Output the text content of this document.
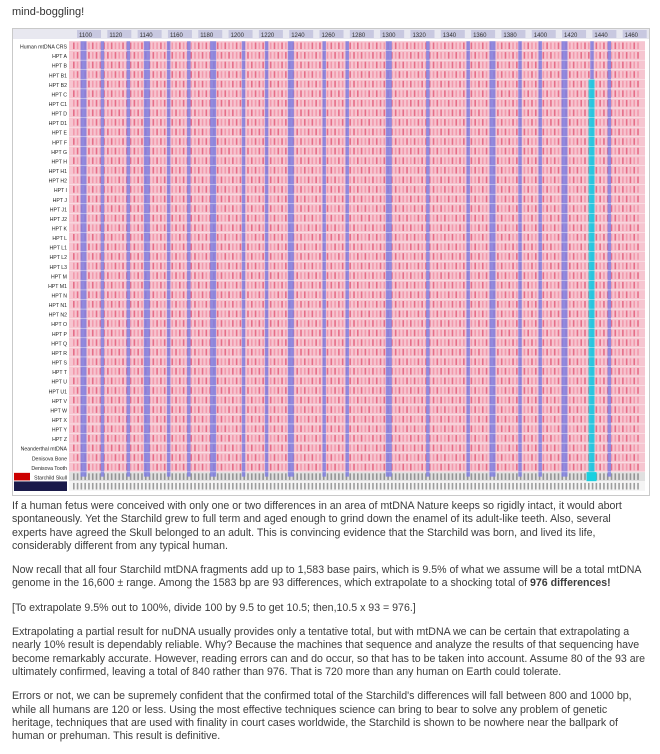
mind-boggling!
1100	1120	1140	1160	1180	1200	1220	1240	1260	1280	1300	1320	1340	1360	1380	1400	1420	1440	1460
Human mtDNA CRS
HPT A
HPT B
HPT B1
HPT B2
HPT C
HPT C1
HPT D
HPT D1
HPT E
HPT F
HPT G
HPT H
HPT H1
HPT H2
HPT I
HPT J
HPT J1
HPT J2
HPT K
HPT L
HPT L1
HPT L2
HPT L3
HPT M
HPT M1
HPT N
HPT N1
HPT N2
HPT O
HPT P
HPT Q
HPT R
HPT S
HPT T
HPT U
HPT U1
HPT V
HPT W
HPT X
HPT Y
HPT Z
Neanderthal mtDNA
Denisova Bone
Denisova Tooth
Starchild Skull

If a human fetus were conceived with only one or two differences in an area of mtDNA Nature keeps so rigidly intact, it would abort spontaneously. Yet the Starchild grew to full term and aged enough to grind down the enamel of its adult-like teeth. Also, several experts have agreed the Skull belonged to an adult. This is convincing evidence that the Starchild was born, and lived its life, considerably different from any typical human.

Now recall that all four Starchild mtDNA fragments add up to 1,583 base pairs, which is 9.5% of what we assume will be a total mtDNA genome in the 16,600 ± range. Among the 1583 bp are 93 differences, which extrapolate to a shocking total of 976 differences!

[To extrapolate 9.5% out to 100%, divide 100 by 9.5 to get 10.5; then,10.5 x 93 = 976.]

Extrapolating a partial result for nuDNA usually provides only a tentative total, but with mtDNA we can be certain that extrapolating a nearly 10% result is dependably reliable. Why? Because the machines that sequence and analyze the results of that sequencing have become remarkably accurate. However, reading errors can and do occur, so that has to be taken into account. Assume 80 of the 93 are ultimately confirmed, leaving a total of 840 rather than 976. That is 720 more than any human on Earth could tolerate.

Errors or not, we can be supremely confident that the confirmed total of the Starchild's differences will fall between 800 and 1000 bp, while all humans are 120 or less. Using the most effective techniques science can bring to bear to solve any problem of genetic heritage, techniques that are used with finality in court cases worldwide, the Starchild is shown to be nowhere near the ballpark of human or prehuman. This result is definitive.
